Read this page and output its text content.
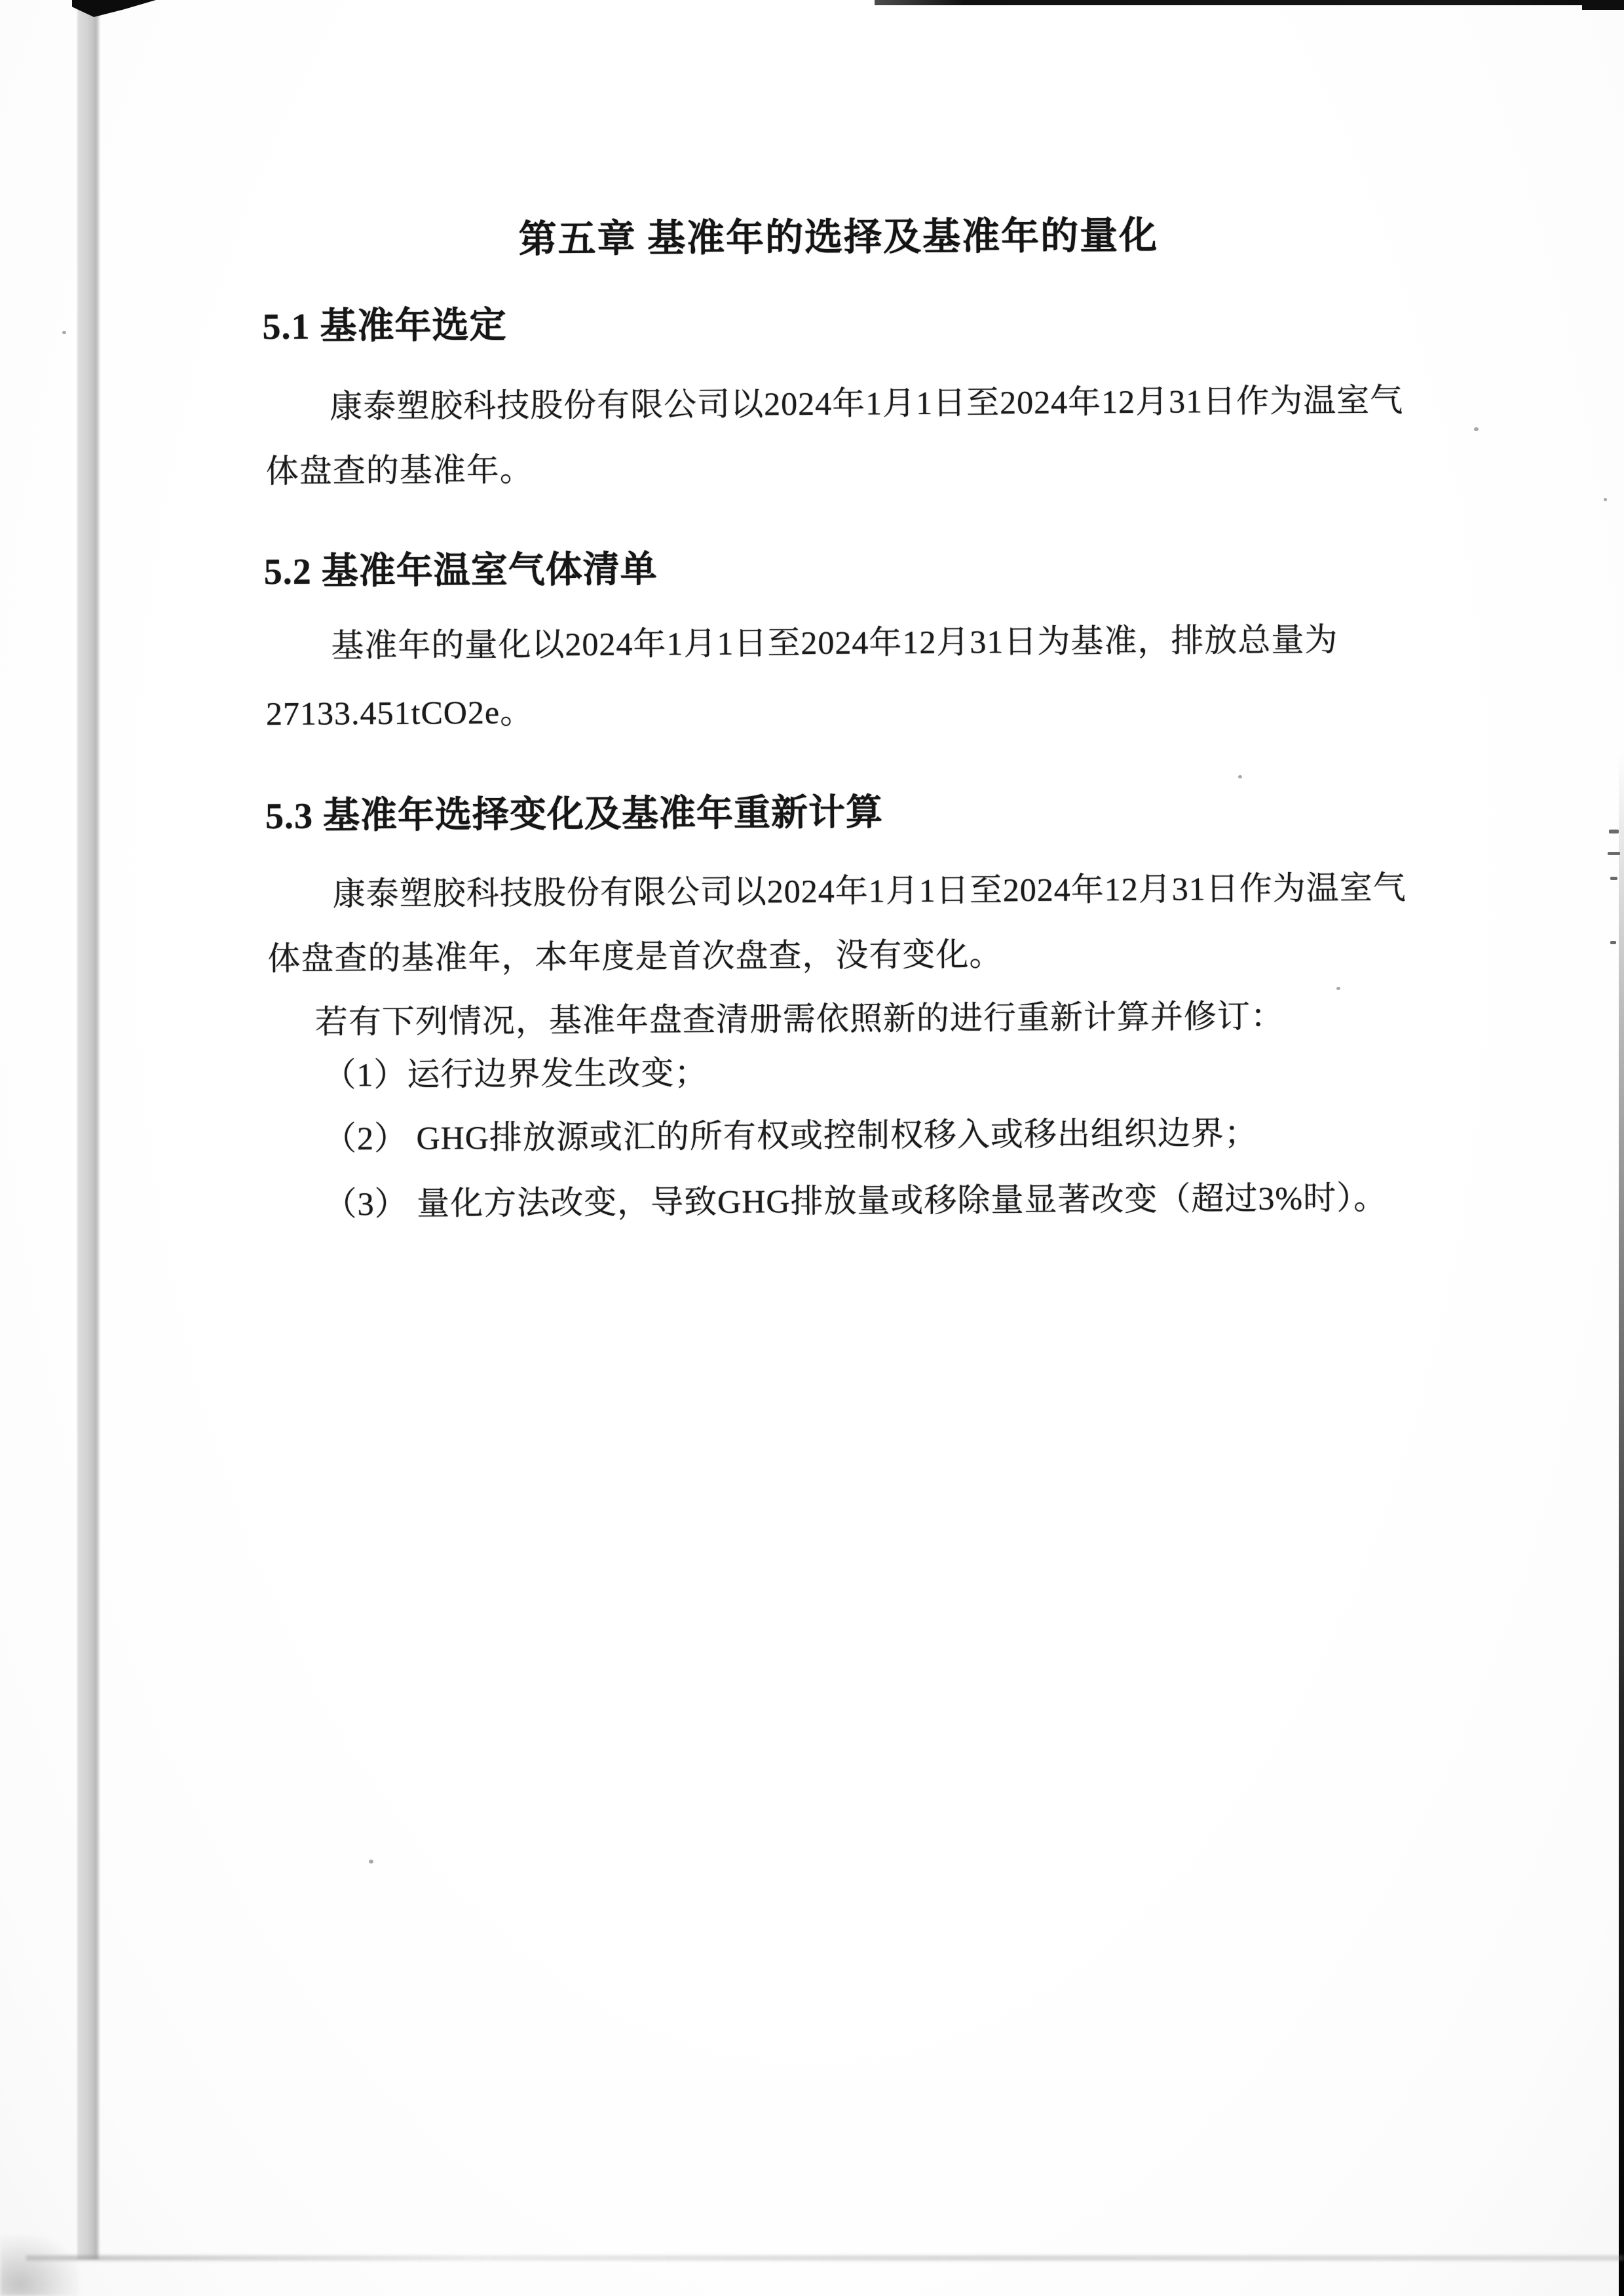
第五章 基准年的选择及基准年的量化
5.1 基准年选定
康泰塑胶科技股份有限公司以2024年1月1日至2024年12月31日作为温室气
体盘查的基准年。
5.2 基准年温室气体清单
基准年的量化以2024年1月1日至2024年12月31日为基准，排放总量为
27133.451tCO2e。
5.3 基准年选择变化及基准年重新计算
康泰塑胶科技股份有限公司以2024年1月1日至2024年12月31日作为温室气
体盘查的基准年，本年度是首次盘查，没有变化。
若有下列情况，基准年盘查清册需依照新的进行重新计算并修订：
（1）运行边界发生改变；
（2） GHG排放源或汇的所有权或控制权移入或移出组织边界；
（3） 量化方法改变，导致GHG排放量或移除量显著改变（超过3%时）。
